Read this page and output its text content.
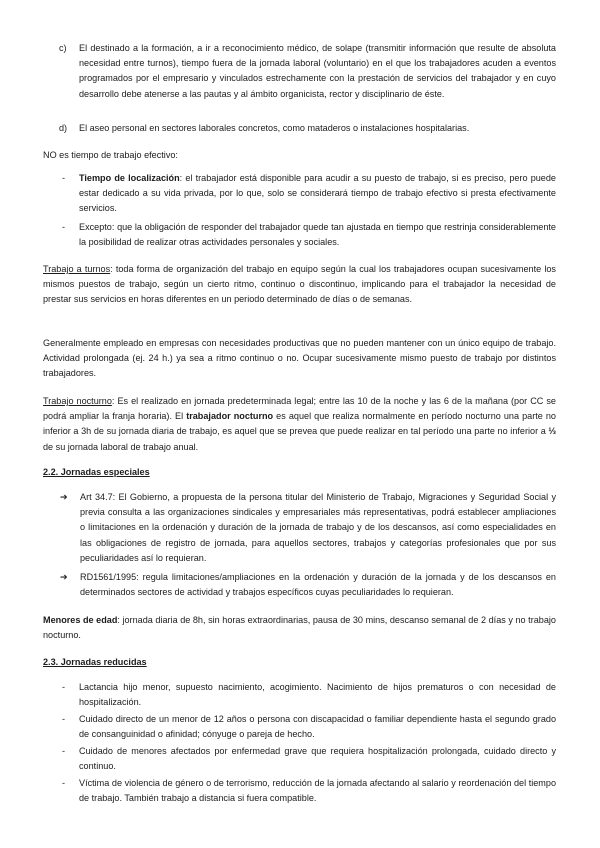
c) El destinado a la formación, a ir a reconocimiento médico, de solape (transmitir información que resulte de absoluta necesidad entre turnos), tiempo fuera de la jornada laboral (voluntario) en el que los trabajadores acuden a eventos programados por el empresario y vinculados estrechamente con la prestación de servicios del trabajador y en cuyo desarrollo debe atenerse a las pautas y al ámbito organicista, rector y disciplinario de éste.

d) El aseo personal en sectores laborales concretos, como mataderos o instalaciones hospitalarias.

NO es tiempo de trabajo efectivo:

- Tiempo de localización: el trabajador está disponible para acudir a su puesto de trabajo, si es preciso, pero puede estar dedicado a su vida privada, por lo que, solo se considerará tiempo de trabajo efectivo si presta efectivamente servicios.

- Excepto: que la obligación de responder del trabajador quede tan ajustada en tiempo que restrinja considerablemente la posibilidad de realizar otras actividades personales y sociales.

Trabajo a turnos: toda forma de organización del trabajo en equipo según la cual los trabajadores ocupan sucesivamente los mismos puestos de trabajo, según un cierto ritmo, continuo o discontinuo, implicando para el trabajador la necesidad de prestar sus servicios en horas diferentes en un periodo determinado de días o de semanas.

Generalmente empleado en empresas con necesidades productivas que no pueden mantener con un único equipo de trabajo. Actividad prolongada (ej. 24 h.) ya sea a ritmo continuo o no. Ocupar sucesivamente mismo puesto de trabajo por distintos trabajadores.

Trabajo nocturno: Es el realizado en jornada predeterminada legal; entre las 10 de la noche y las 6 de la mañana (por CC se podrá ampliar la franja horaria). El trabajador nocturno es aquel que realiza normalmente en período nocturno una parte no inferior a 3h de su jornada diaria de trabajo, es aquel que se prevea que puede realizar en tal período una parte no inferior a ⅓ de su jornada laboral de trabajo anual.

2.2. Jornadas especiales

➔ Art 34.7: El Gobierno, a propuesta de la persona titular del Ministerio de Trabajo, Migraciones y Seguridad Social y previa consulta a las organizaciones sindicales y empresariales más representativas, podrá establecer ampliaciones o limitaciones en la ordenación y duración de la jornada de trabajo y de los descansos, así como especialidades en las obligaciones de registro de jornada, para aquellos sectores, trabajos y categorías profesionales que por sus peculiaridades así lo requieran.

➔ RD1561/1995: regula limitaciones/ampliaciones en la ordenación y duración de la jornada y de los descansos en determinados sectores de actividad y trabajos específicos cuyas peculiaridades lo requieran.

Menores de edad: jornada diaria de 8h, sin horas extraordinarias, pausa de 30 mins, descanso semanal de 2 días y no trabajo nocturno.

2.3. Jornadas reducidas

- Lactancia hijo menor, supuesto nacimiento, acogimiento. Nacimiento de hijos prematuros o con necesidad de hospitalización.

- Cuidado directo de un menor de 12 años o persona con discapacidad o familiar dependiente hasta el segundo grado de consanguinidad o afinidad; cónyuge o pareja de hecho.

- Cuidado de menores afectados por enfermedad grave que requiera hospitalización prolongada, cuidado directo y continuo.

- Víctima de violencia de género o de terrorismo, reducción de la jornada afectando al salario y reordenación del tiempo de trabajo. También trabajo a distancia si fuera compatible.
